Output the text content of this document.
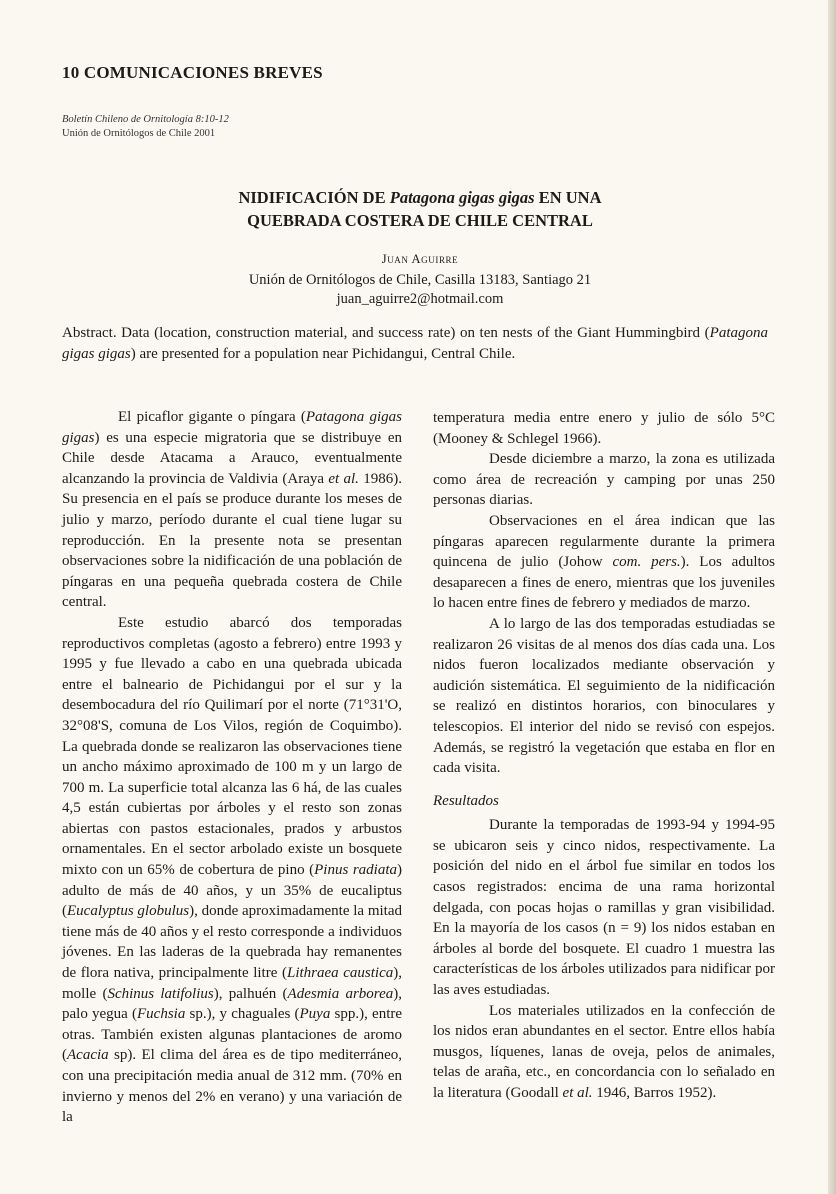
10 COMUNICACIONES BREVES
Boletín Chileno de Ornitología 8:10-12
Unión de Ornitólogos de Chile 2001
NIDIFICACIÓN DE Patagona gigas gigas EN UNA
QUEBRADA COSTERA DE CHILE CENTRAL
Juan Aguirre
Unión de Ornitólogos de Chile, Casilla 13183, Santiago 21
juan_aguirre2@hotmail.com
Abstract. Data (location, construction material, and success rate) on ten nests of the Giant Hummingbird (Patagona gigas gigas) are presented for a population near Pichidangui, Central Chile.

El picaflor gigante o píngara (Patagona gigas gigas) es una especie migratoria que se distribuye en Chile desde Atacama a Arauco, eventualmente alcanzando la provincia de Valdivia (Araya et al. 1986). Su presencia en el país se produce durante los meses de julio y marzo, período durante el cual tiene lugar su reproducción. En la presente nota se presentan observaciones sobre la nidificación de una población de píngaras en una pequeña quebrada costera de Chile central.

Este estudio abarcó dos temporadas reproductivos completas (agosto a febrero) entre 1993 y 1995 y fue llevado a cabo en una quebrada ubicada entre el balneario de Pichidangui por el sur y la desembocadura del río Quilimarí por el norte (71°31'O, 32°08'S, comuna de Los Vilos, región de Coquimbo). La quebrada donde se realizaron las observaciones tiene un ancho máximo aproximado de 100 m y un largo de 700 m. La superficie total alcanza las 6 há, de las cuales 4,5 están cubiertas por árboles y el resto son zonas abiertas con pastos estacionales, prados y arbustos ornamentales. En el sector arbolado existe un bosquete mixto con un 65% de cobertura de pino (Pinus radiata) adulto de más de 40 años, y un 35% de eucaliptus (Eucalyptus globulus), donde aproximadamente la mitad tiene más de 40 años y el resto corresponde a individuos jóvenes. En las laderas de la quebrada hay remanentes de flora nativa, principalmente litre (Lithraea caustica), molle (Schinus latifolius), palhuén (Adesmia arborea), palo yegua (Fuchsia sp.), y chaguales (Puya spp.), entre otras. También existen algunas plantaciones de aromo (Acacia sp). El clima del área es de tipo mediterráneo, con una precipitación media anual de 312 mm. (70% en invierno y menos del 2% en verano) y una variación de la

temperatura media entre enero y julio de sólo 5°C (Mooney & Schlegel 1966).

Desde diciembre a marzo, la zona es utilizada como área de recreación y camping por unas 250 personas diarias.

Observaciones en el área indican que las píngaras aparecen regularmente durante la primera quincena de julio (Johow com. pers.). Los adultos desaparecen a fines de enero, mientras que los juveniles lo hacen entre fines de febrero y mediados de marzo.

A lo largo de las dos temporadas estudiadas se realizaron 26 visitas de al menos dos días cada una. Los nidos fueron localizados mediante observación y audición sistemática. El seguimiento de la nidificación se realizó en distintos horarios, con binoculares y telescopios. El interior del nido se revisó con espejos. Además, se registró la vegetación que estaba en flor en cada visita.

Resultados

Durante la temporadas de 1993-94 y 1994-95 se ubicaron seis y cinco nidos, respectivamente. La posición del nido en el árbol fue similar en todos los casos registrados: encima de una rama horizontal delgada, con pocas hojas o ramillas y gran visibilidad. En la mayoría de los casos (n = 9) los nidos estaban en árboles al borde del bosquete. El cuadro 1 muestra las características de los árboles utilizados para nidificar por las aves estudiadas.

Los materiales utilizados en la confección de los nidos eran abundantes en el sector. Entre ellos había musgos, líquenes, lanas de oveja, pelos de animales, telas de araña, etc., en concordancia con lo señalado en la literatura (Goodall et al. 1946, Barros 1952).
